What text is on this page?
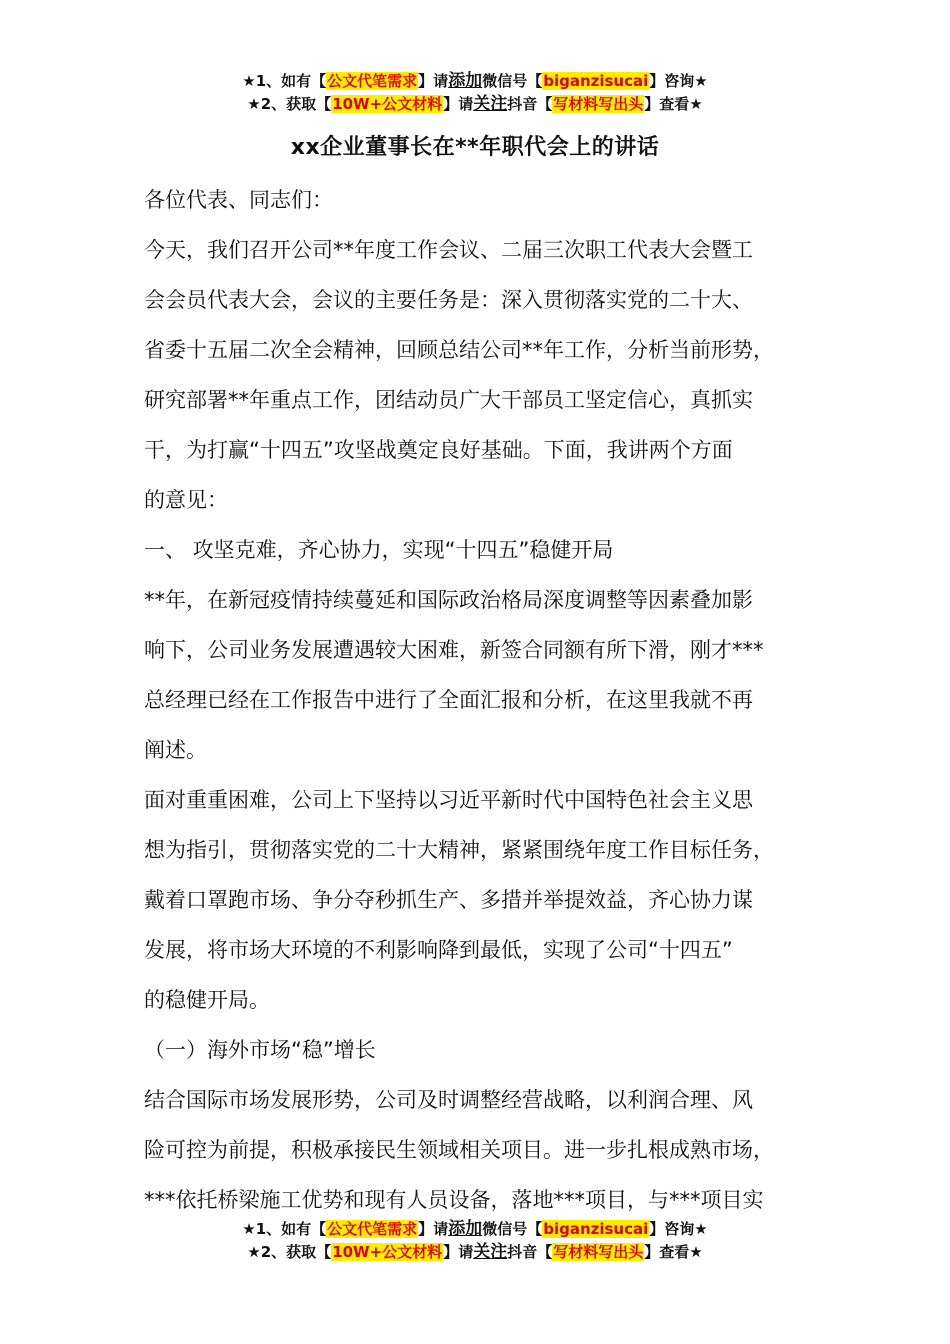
★1、如有【公文代笔需求】请添加微信号【biganzisucai】咨询★
★2、获取【10W+公文材料】请关注抖音【写材料写出头】查看★
xx企业董事长在**年职代会上的讲话

各位代表、同志们：

今天，我们召开公司**年度工作会议、二届三次职工代表大会暨工

会会员代表大会，会议的主要任务是：深入贯彻落实党的二十大、

省委十五届二次全会精神，回顾总结公司**年工作，分析当前形势，

研究部署**年重点工作，团结动员广大干部员工坚定信心，真抓实

干，为打赢“十四五”攻坚战奠定良好基础。下面，我讲两个方面

的意见：

一、 攻坚克难，齐心协力，实现“十四五”稳健开局

**年，在新冠疫情持续蔓延和国际政治格局深度调整等因素叠加影

响下，公司业务发展遭遇较大困难，新签合同额有所下滑，刚才***

总经理已经在工作报告中进行了全面汇报和分析，在这里我就不再

阐述。

面对重重困难，公司上下坚持以习近平新时代中国特色社会主义思

想为指引，贯彻落实党的二十大精神，紧紧围绕年度工作目标任务，

戴着口罩跑市场、争分夺秒抓生产、多措并举提效益，齐心协力谋

发展，将市场大环境的不利影响降到最低，实现了公司“十四五”

的稳健开局。

（一）海外市场“稳”增长

结合国际市场发展形势，公司及时调整经营战略，以利润合理、风

险可控为前提，积极承接民生领域相关项目。进一步扎根成熟市场，

***依托桥梁施工优势和现有人员设备，落地***项目，与***项目实

★1、如有【公文代笔需求】请添加微信号【biganzisucai】咨询★
★2、获取【10W+公文材料】请关注抖音【写材料写出头】查看★
